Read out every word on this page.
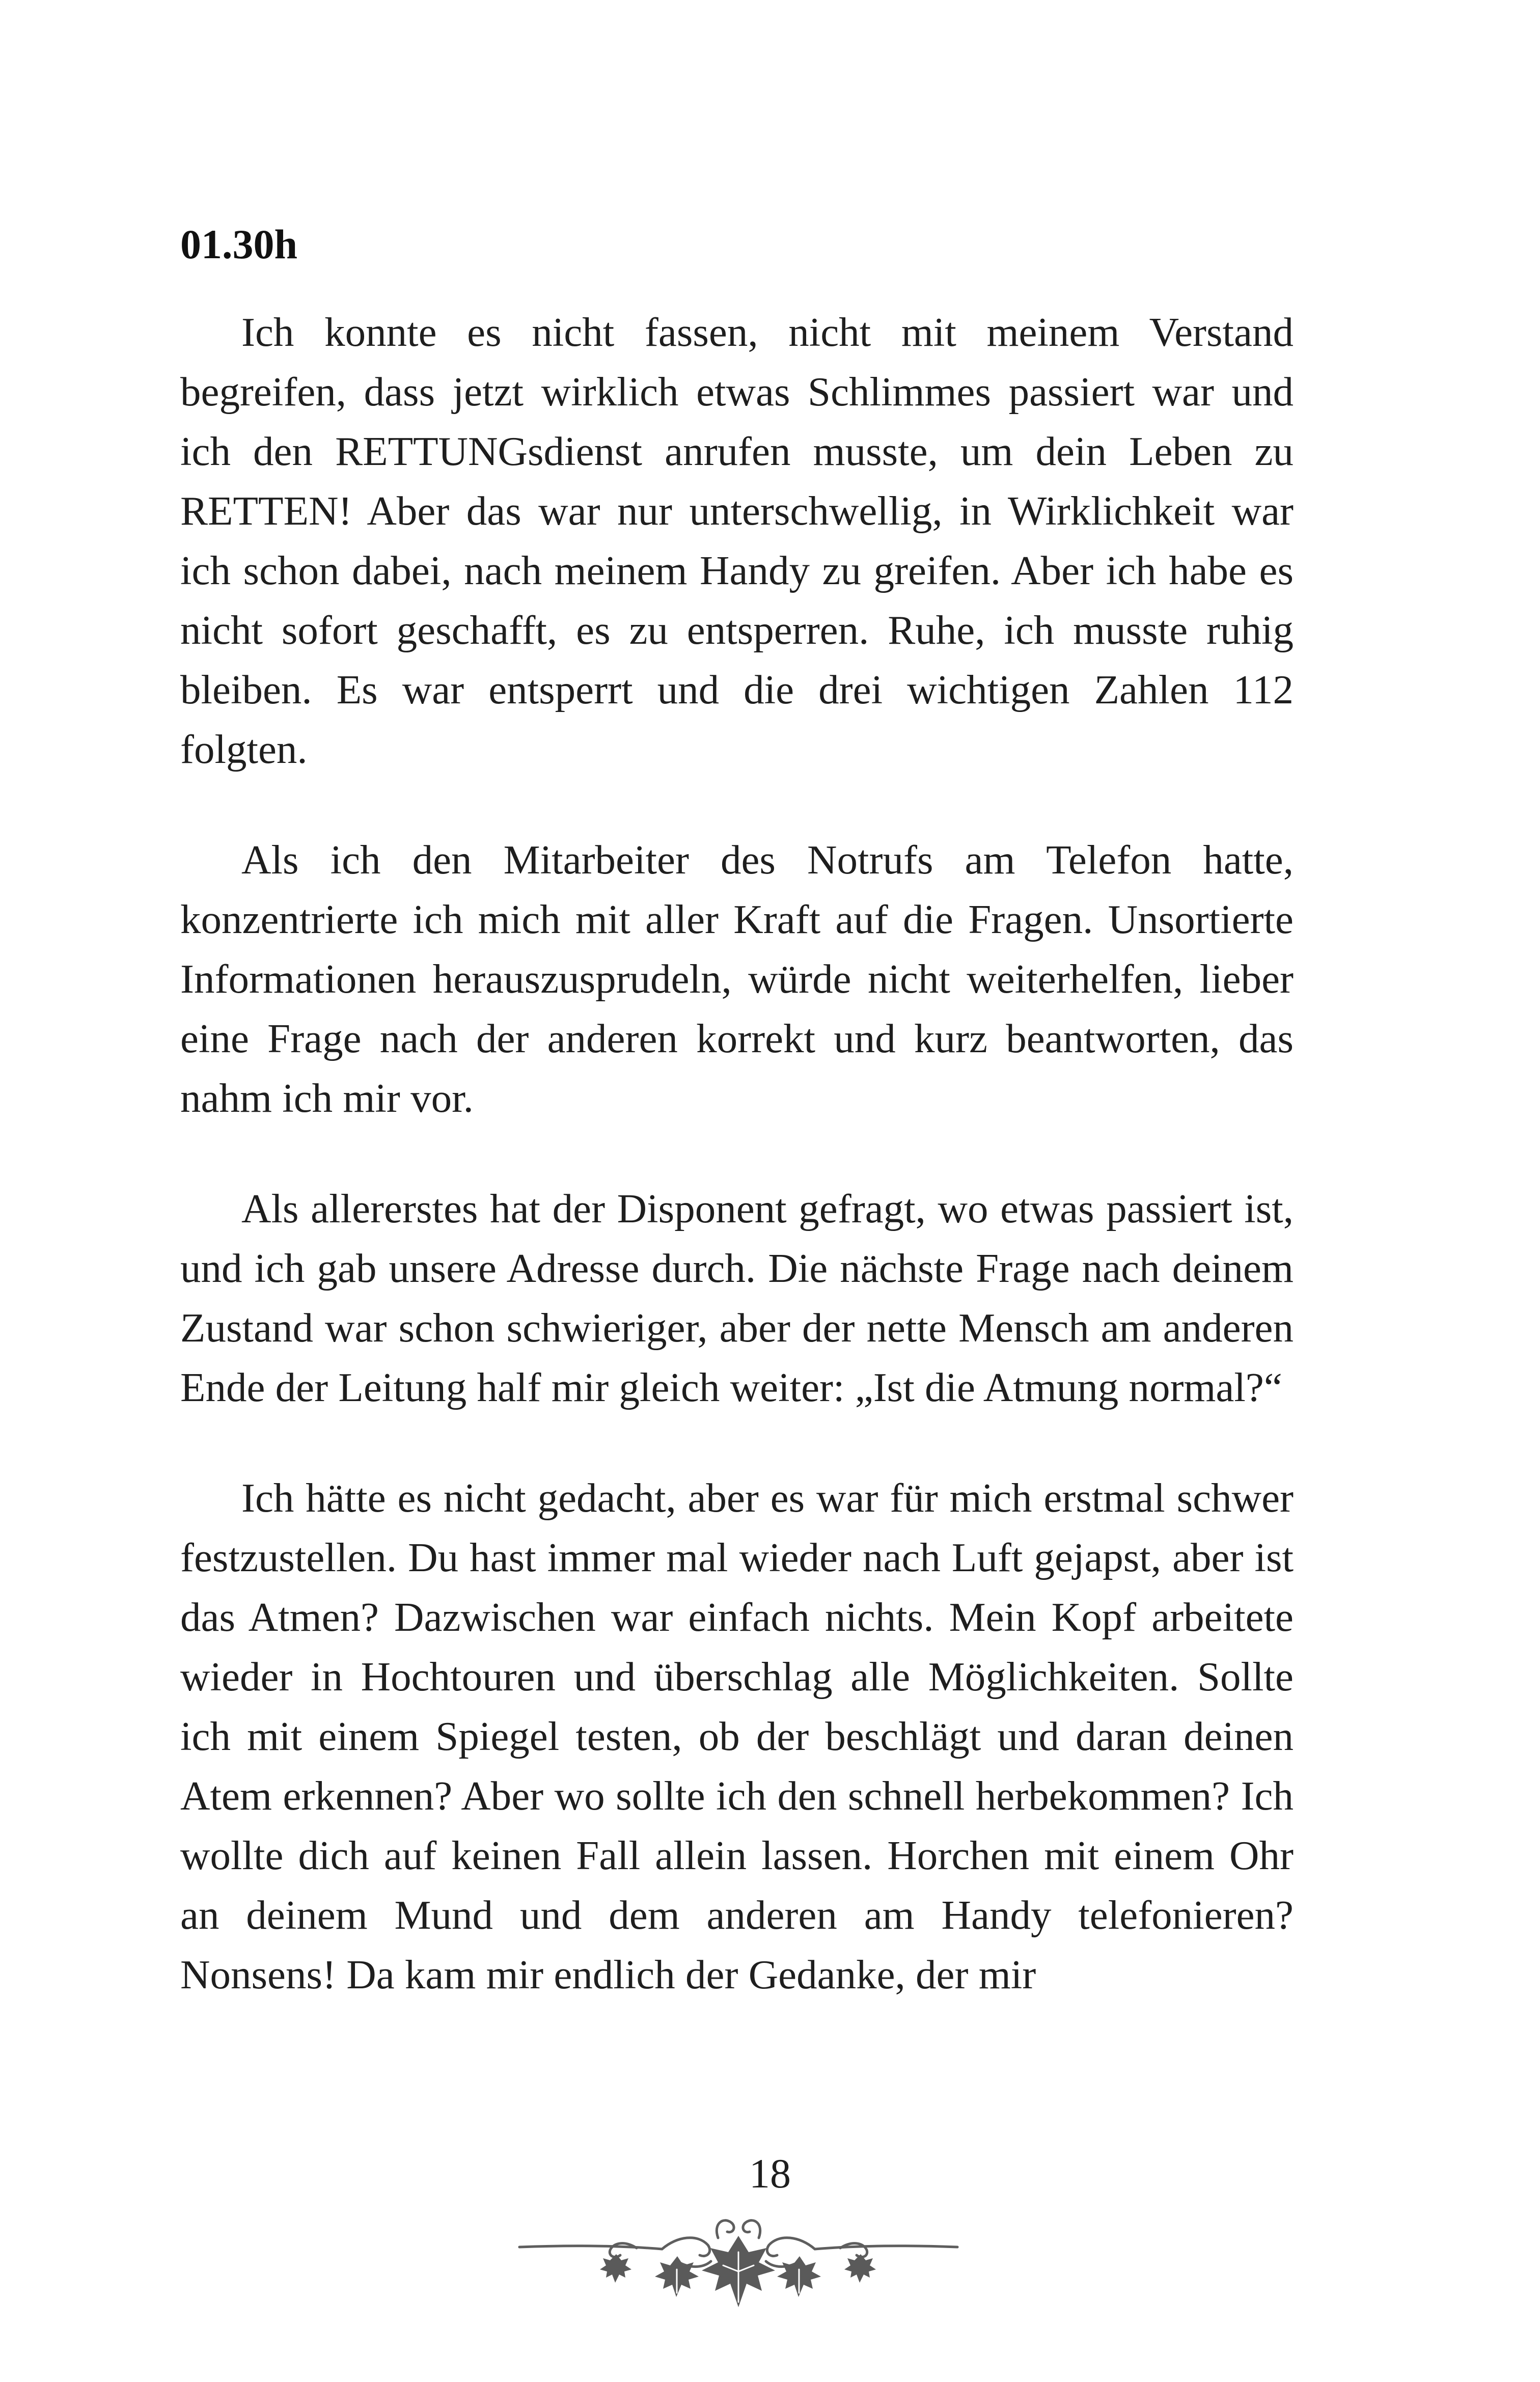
01.30h

Ich konnte es nicht fassen, nicht mit meinem Verstand begreifen, dass jetzt wirklich etwas Schlimmes passiert war und ich den RETTUNGsdienst anrufen musste, um dein Leben zu RETTEN! Aber das war nur unterschwellig, in Wirklichkeit war ich schon dabei, nach meinem Handy zu greifen. Aber ich habe es nicht sofort geschafft, es zu entsperren. Ruhe, ich musste ruhig bleiben. Es war entsperrt und die drei wichtigen Zahlen 112 folgten.

Als ich den Mitarbeiter des Notrufs am Telefon hatte, konzentrierte ich mich mit aller Kraft auf die Fragen. Unsortierte Informationen herauszusprudeln, würde nicht weiterhelfen, lieber eine Frage nach der anderen korrekt und kurz beantworten, das nahm ich mir vor.

Als allererstes hat der Disponent gefragt, wo etwas passiert ist, und ich gab unsere Adresse durch. Die nächste Frage nach deinem Zustand war schon schwieriger, aber der nette Mensch am anderen Ende der Leitung half mir gleich weiter: „Ist die Atmung normal?“

Ich hätte es nicht gedacht, aber es war für mich erstmal schwer festzustellen. Du hast immer mal wieder nach Luft gejapst, aber ist das Atmen? Dazwischen war einfach nichts. Mein Kopf arbeitete wieder in Hochtouren und überschlag alle Möglichkeiten. Sollte ich mit einem Spiegel testen, ob der beschlägt und daran deinen Atem erkennen? Aber wo sollte ich den schnell herbekommen? Ich wollte dich auf keinen Fall allein lassen. Horchen mit einem Ohr an deinem Mund und dem anderen am Handy telefonieren? Nonsens! Da kam mir endlich der Gedanke, der mir

18
